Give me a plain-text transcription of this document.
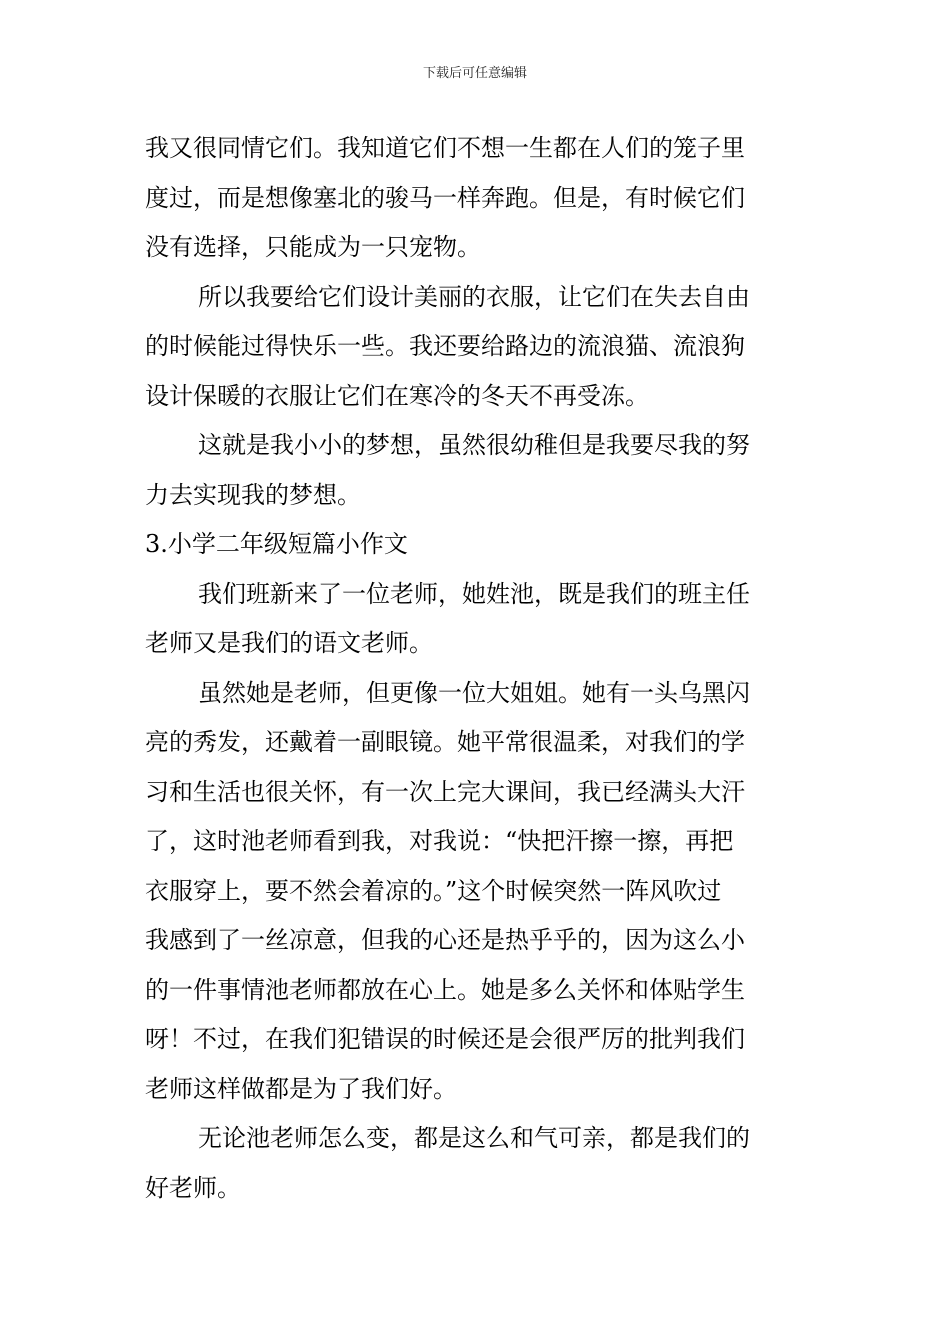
下载后可任意编辑
我又很同情它们。我知道它们不想一生都在人们的笼子里
度过，而是想像塞北的骏马一样奔跑。但是，有时候它们
没有选择，只能成为一只宠物。
所以我要给它们设计美丽的衣服，让它们在失去自由
的时候能过得快乐一些。我还要给路边的流浪猫、流浪狗
设计保暖的衣服让它们在寒冷的冬天不再受冻。
这就是我小小的梦想，虽然很幼稚但是我要尽我的努
力去实现我的梦想。
3.小学二年级短篇小作文
我们班新来了一位老师，她姓池，既是我们的班主任
老师又是我们的语文老师。
虽然她是老师，但更像一位大姐姐。她有一头乌黑闪
亮的秀发，还戴着一副眼镜。她平常很温柔，对我们的学
习和生活也很关怀，有一次上完大课间，我已经满头大汗
了，这时池老师看到我，对我说：“快把汗擦一擦，再把
衣服穿上，要不然会着凉的。”这个时候突然一阵风吹过
我感到了一丝凉意，但我的心还是热乎乎的，因为这么小
的一件事情池老师都放在心上。她是多么关怀和体贴学生
呀！不过，在我们犯错误的时候还是会很严厉的批判我们
老师这样做都是为了我们好。
无论池老师怎么变，都是这么和气可亲，都是我们的
好老师。
